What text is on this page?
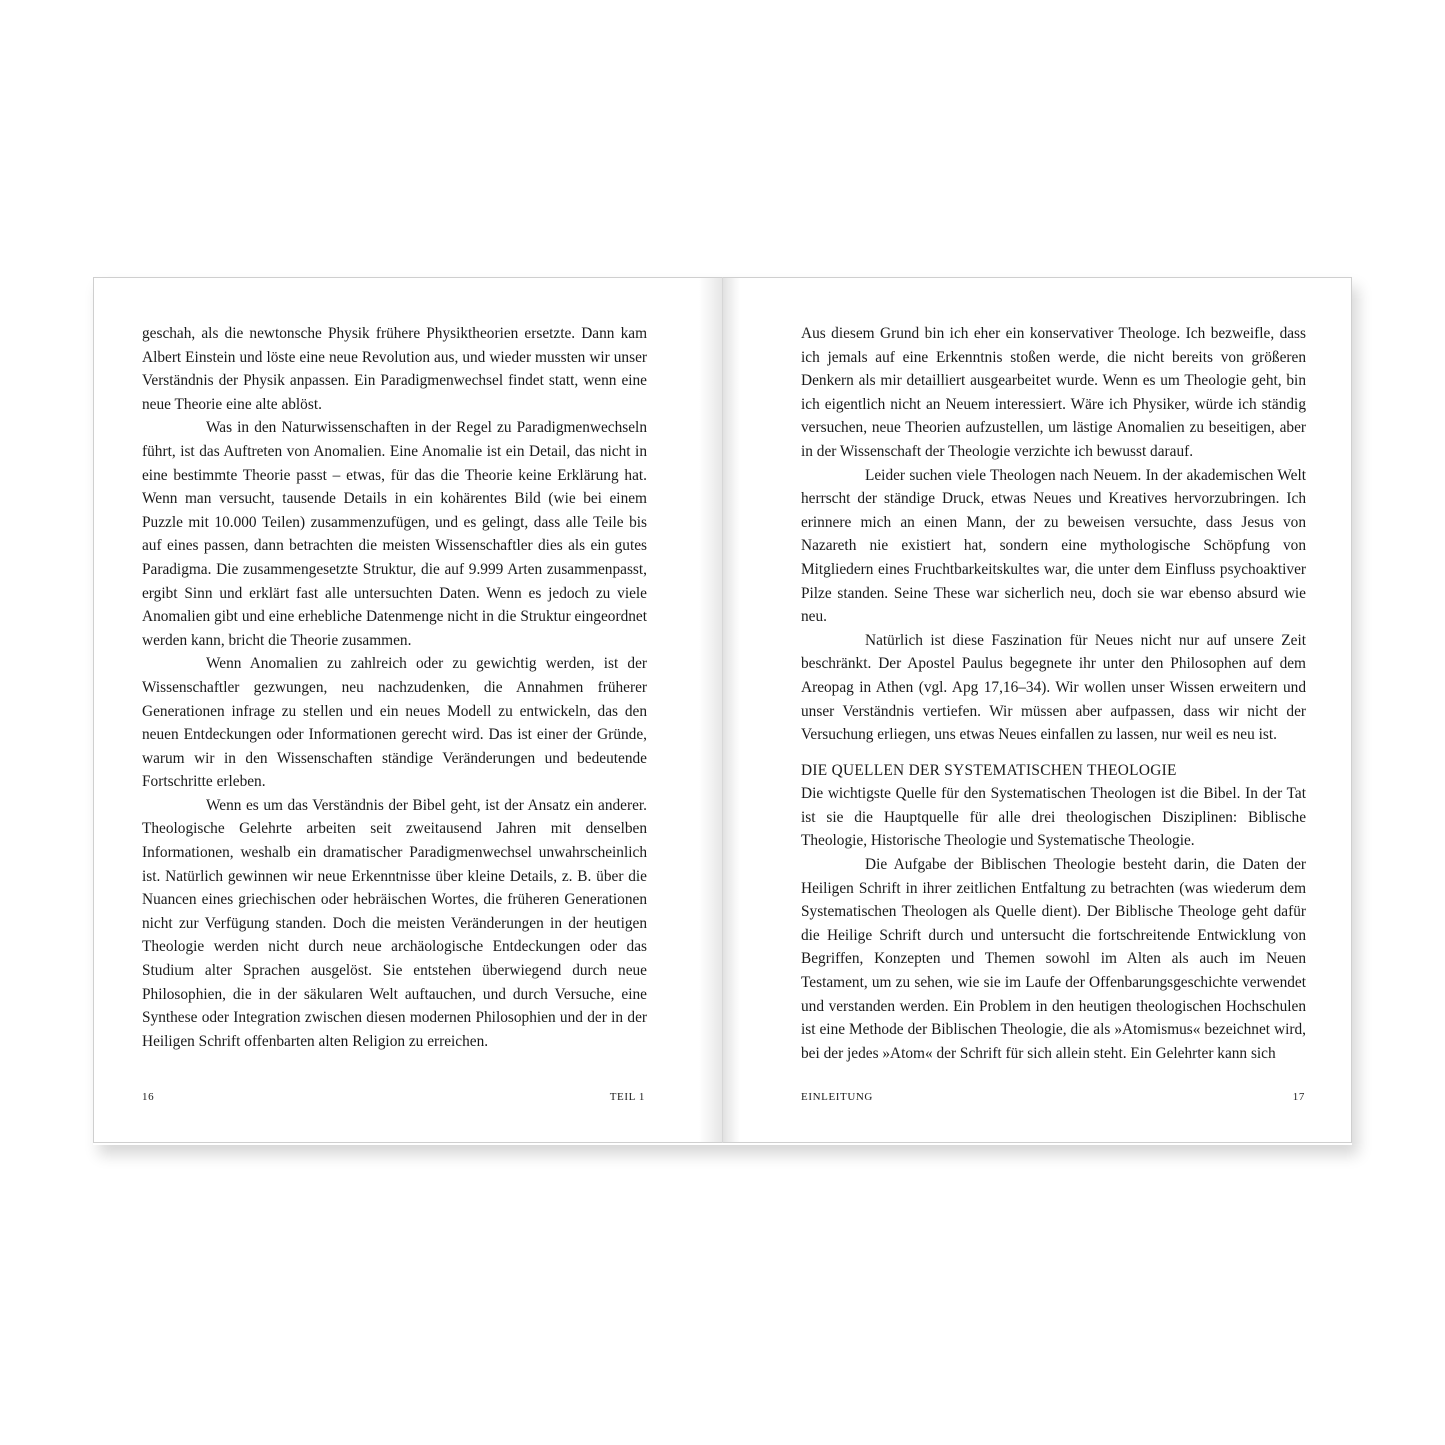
geschah, als die newtonsche Physik frühere Physiktheorien ersetzte. Dann kam Albert Einstein und löste eine neue Revolution aus, und wieder mussten wir unser Verständnis der Physik anpassen. Ein Paradigmenwechsel findet statt, wenn eine neue Theorie eine alte ablöst.

Was in den Naturwissenschaften in der Regel zu Paradigmenwechseln führt, ist das Auftreten von Anomalien. Eine Anomalie ist ein Detail, das nicht in eine bestimmte Theorie passt – etwas, für das die Theorie keine Erklärung hat. Wenn man versucht, tausende Details in ein kohärentes Bild (wie bei einem Puzzle mit 10.000 Teilen) zusammenzufügen, und es gelingt, dass alle Teile bis auf eines passen, dann betrachten die meisten Wissenschaftler dies als ein gutes Paradigma. Die zusammengesetzte Struktur, die auf 9.999 Arten zusammenpasst, ergibt Sinn und erklärt fast alle untersuchten Daten. Wenn es jedoch zu viele Anomalien gibt und eine erhebliche Datenmenge nicht in die Struktur eingeordnet werden kann, bricht die Theorie zusammen.

Wenn Anomalien zu zahlreich oder zu gewichtig werden, ist der Wissenschaftler gezwungen, neu nachzudenken, die Annahmen früherer Generationen infrage zu stellen und ein neues Modell zu entwickeln, das den neuen Entdeckungen oder Informationen gerecht wird. Das ist einer der Gründe, warum wir in den Wissenschaften ständige Veränderungen und bedeutende Fortschritte erleben.

Wenn es um das Verständnis der Bibel geht, ist der Ansatz ein anderer. Theologische Gelehrte arbeiten seit zweitausend Jahren mit denselben Informationen, weshalb ein dramatischer Paradigmenwechsel unwahrscheinlich ist. Natürlich gewinnen wir neue Erkenntnisse über kleine Details, z. B. über die Nuancen eines griechischen oder hebräischen Wortes, die früheren Generationen nicht zur Verfügung standen. Doch die meisten Veränderungen in der heutigen Theologie werden nicht durch neue archäologische Entdeckungen oder das Studium alter Sprachen ausgelöst. Sie entstehen überwiegend durch neue Philosophien, die in der säkularen Welt auftauchen, und durch Versuche, eine Synthese oder Integration zwischen diesen modernen Philosophien und der in der Heiligen Schrift offenbarten alten Religion zu erreichen.

16	TEIL 1

Aus diesem Grund bin ich eher ein konservativer Theologe. Ich bezweifle, dass ich jemals auf eine Erkenntnis stoßen werde, die nicht bereits von größeren Denkern als mir detailliert ausgearbeitet wurde. Wenn es um Theologie geht, bin ich eigentlich nicht an Neuem interessiert. Wäre ich Physiker, würde ich ständig versuchen, neue Theorien aufzustellen, um lästige Anomalien zu beseitigen, aber in der Wissenschaft der Theologie verzichte ich bewusst darauf.

Leider suchen viele Theologen nach Neuem. In der akademischen Welt herrscht der ständige Druck, etwas Neues und Kreatives hervorzubringen. Ich erinnere mich an einen Mann, der zu beweisen versuchte, dass Jesus von Nazareth nie existiert hat, sondern eine mythologische Schöpfung von Mitgliedern eines Fruchtbarkeitskultes war, die unter dem Einfluss psychoaktiver Pilze standen. Seine These war sicherlich neu, doch sie war ebenso absurd wie neu.

Natürlich ist diese Faszination für Neues nicht nur auf unsere Zeit beschränkt. Der Apostel Paulus begegnete ihr unter den Philosophen auf dem Areopag in Athen (vgl. Apg 17,16–34). Wir wollen unser Wissen erweitern und unser Verständnis vertiefen. Wir müssen aber aufpassen, dass wir nicht der Versuchung erliegen, uns etwas Neues einfallen zu lassen, nur weil es neu ist.

DIE QUELLEN DER SYSTEMATISCHEN THEOLOGIE

Die wichtigste Quelle für den Systematischen Theologen ist die Bibel. In der Tat ist sie die Hauptquelle für alle drei theologischen Disziplinen: Biblische Theologie, Historische Theologie und Systematische Theologie.

Die Aufgabe der Biblischen Theologie besteht darin, die Daten der Heiligen Schrift in ihrer zeitlichen Entfaltung zu betrachten (was wiederum dem Systematischen Theologen als Quelle dient). Der Biblische Theologe geht dafür die Heilige Schrift durch und untersucht die fortschreitende Entwicklung von Begriffen, Konzepten und Themen sowohl im Alten als auch im Neuen Testament, um zu sehen, wie sie im Laufe der Offenbarungsgeschichte verwendet und verstanden werden. Ein Problem in den heutigen theologischen Hochschulen ist eine Methode der Biblischen Theologie, die als »Atomismus« bezeichnet wird, bei der jedes »Atom« der Schrift für sich allein steht. Ein Gelehrter kann sich

EINLEITUNG	17
